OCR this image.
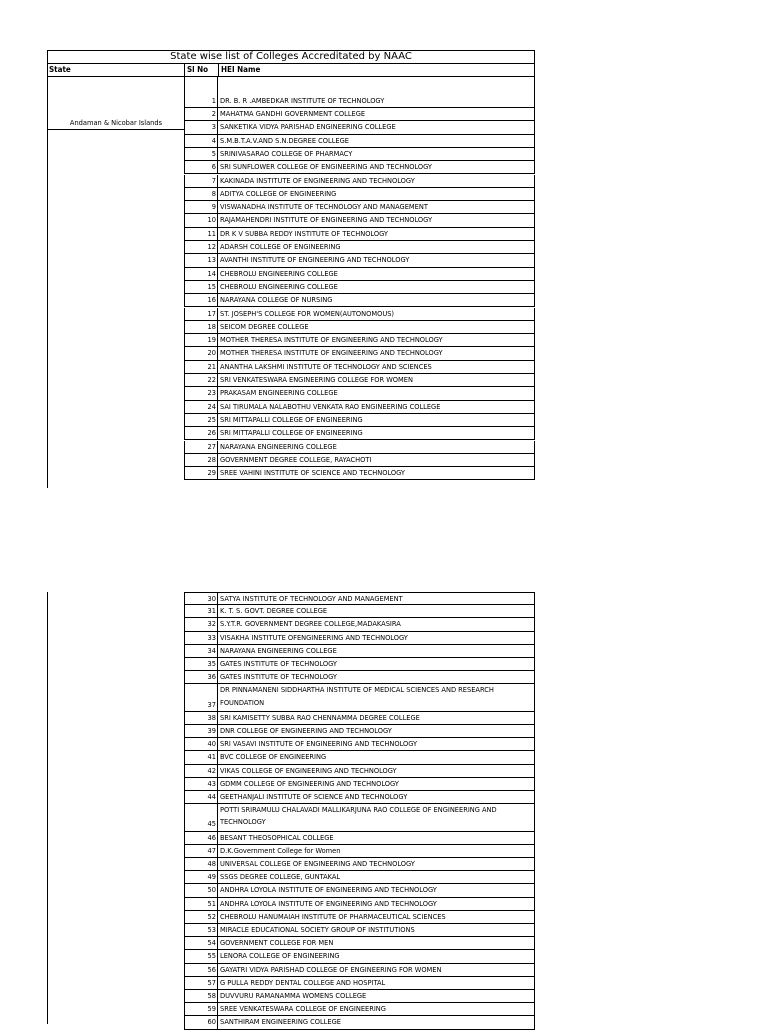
State wise list of Colleges Accreditated by NAAC
State	Sl No	HEI Name
Andaman & Nicobar Islands
1 DR. B. R .AMBEDKAR INSTITUTE OF TECHNOLOGY
2 MAHATMA GANDHI GOVERNMENT COLLEGE
3 SANKETIKA VIDYA PARISHAD ENGINEERING COLLEGE
4 S.M.B.T.A.V.AND S.N.DEGREE COLLEGE
5 SRINIVASARAO COLLEGE OF PHARMACY
6 SRI SUNFLOWER COLLEGE OF ENGINEERING AND TECHNOLOGY
7 KAKINADA INSTITUTE OF ENGINEERING AND TECHNOLOGY
8 ADITYA COLLEGE OF ENGINEERING
9 VISWANADHA INSTITUTE OF TECHNOLOGY AND MANAGEMENT
10 RAJAMAHENDRI INSTITUTE OF ENGINEERING AND TECHNOLOGY
11 DR K V SUBBA REDDY INSTITUTE OF TECHNOLOGY
12 ADARSH COLLEGE OF ENGINEERING
13 AVANTHI INSTITUTE OF ENGINEERING AND TECHNOLOGY
14 CHEBROLU ENGINEERING COLLEGE
15 CHEBROLU ENGINEERING COLLEGE
16 NARAYANA COLLEGE OF NURSING
17 ST. JOSEPH'S COLLEGE FOR WOMEN(AUTONOMOUS)
18 SEICOM DEGREE COLLEGE
19 MOTHER THERESA INSTITUTE OF ENGINEERING AND TECHNOLOGY
20 MOTHER THERESA INSTITUTE OF ENGINEERING AND TECHNOLOGY
21 ANANTHA LAKSHMI INSTITUTE OF TECHNOLOGY AND SCIENCES
22 SRI VENKATESWARA ENGINEERING COLLEGE FOR WOMEN
23 PRAKASAM ENGINEERING COLLEGE
24 SAI TIRUMALA NALABOTHU VENKATA RAO ENGINEERING COLLEGE
25 SRI MITTAPALLI COLLEGE OF ENGINEERING
26 SRI MITTAPALLI COLLEGE OF ENGINEERING
27 NARAYANA ENGINEERING COLLEGE
28 GOVERNMENT DEGREE COLLEGE, RAYACHOTI
29 SREE VAHINI INSTITUTE OF SCIENCE AND TECHNOLOGY
30 SATYA INSTITUTE OF TECHNOLOGY AND MANAGEMENT
31 K. T. S. GOVT. DEGREE COLLEGE
32 S.Y.T.R. GOVERNMENT DEGREE COLLEGE,MADAKASIRA
33 VISAKHA INSTITUTE OFENGINEERING AND TECHNOLOGY
34 NARAYANA ENGINEERING COLLEGE
35 GATES INSTITUTE OF TECHNOLOGY
36 GATES INSTITUTE OF TECHNOLOGY
37
DR PINNAMANENI SIDDHARTHA INSTITUTE OF MEDICAL SCIENCES AND RESEARCH FOUNDATION
38 SRI KAMISETTY SUBBA RAO CHENNAMMA DEGREE COLLEGE
39 DNR COLLEGE OF ENGINEERING AND TECHNOLOGY
40 SRI VASAVI INSTITUTE OF ENGINEERING AND TECHNOLOGY
41 BVC COLLEGE OF ENGINEERING
42 VIKAS COLLEGE OF ENGINEERING AND TECHNOLOGY
43 GDMM COLLEGE OF ENGINEERING AND TECHNOLOGY
44 GEETHANJALI INSTITUTE OF SCIENCE AND TECHNOLOGY
45
POTTI SRIRAMULU CHALAVADI MALLIKARJUNA RAO COLLEGE OF ENGINEERING AND TECHNOLOGY
46 BESANT THEOSOPHICAL COLLEGE
47 D.K.Government College for Women
48 UNIVERSAL COLLEGE OF ENGINEERING AND TECHNOLOGY
49 SSGS DEGREE COLLEGE, GUNTAKAL
50 ANDHRA LOYOLA INSTITUTE OF ENGINEERING AND TECHNOLOGY
51 ANDHRA LOYOLA INSTITUTE OF ENGINEERING AND TECHNOLOGY
52 CHEBROLU HANUMAIAH INSTITUTE OF PHARMACEUTICAL SCIENCES
53 MIRACLE EDUCATIONAL SOCIETY GROUP OF INSTITUTIONS
54 GOVERNMENT COLLEGE FOR MEN
55 LENORA COLLEGE OF ENGINEERING
56 GAYATRI VIDYA PARISHAD COLLEGE OF ENGINEERING FOR WOMEN
57 G PULLA REDDY DENTAL COLLEGE AND HOSPITAL
58 DUVVURU RAMANAMMA WOMENS COLLEGE
59 SREE VENKATESWARA COLLEGE OF ENGINEERING
60 SANTHIRAM ENGINEERING COLLEGE
